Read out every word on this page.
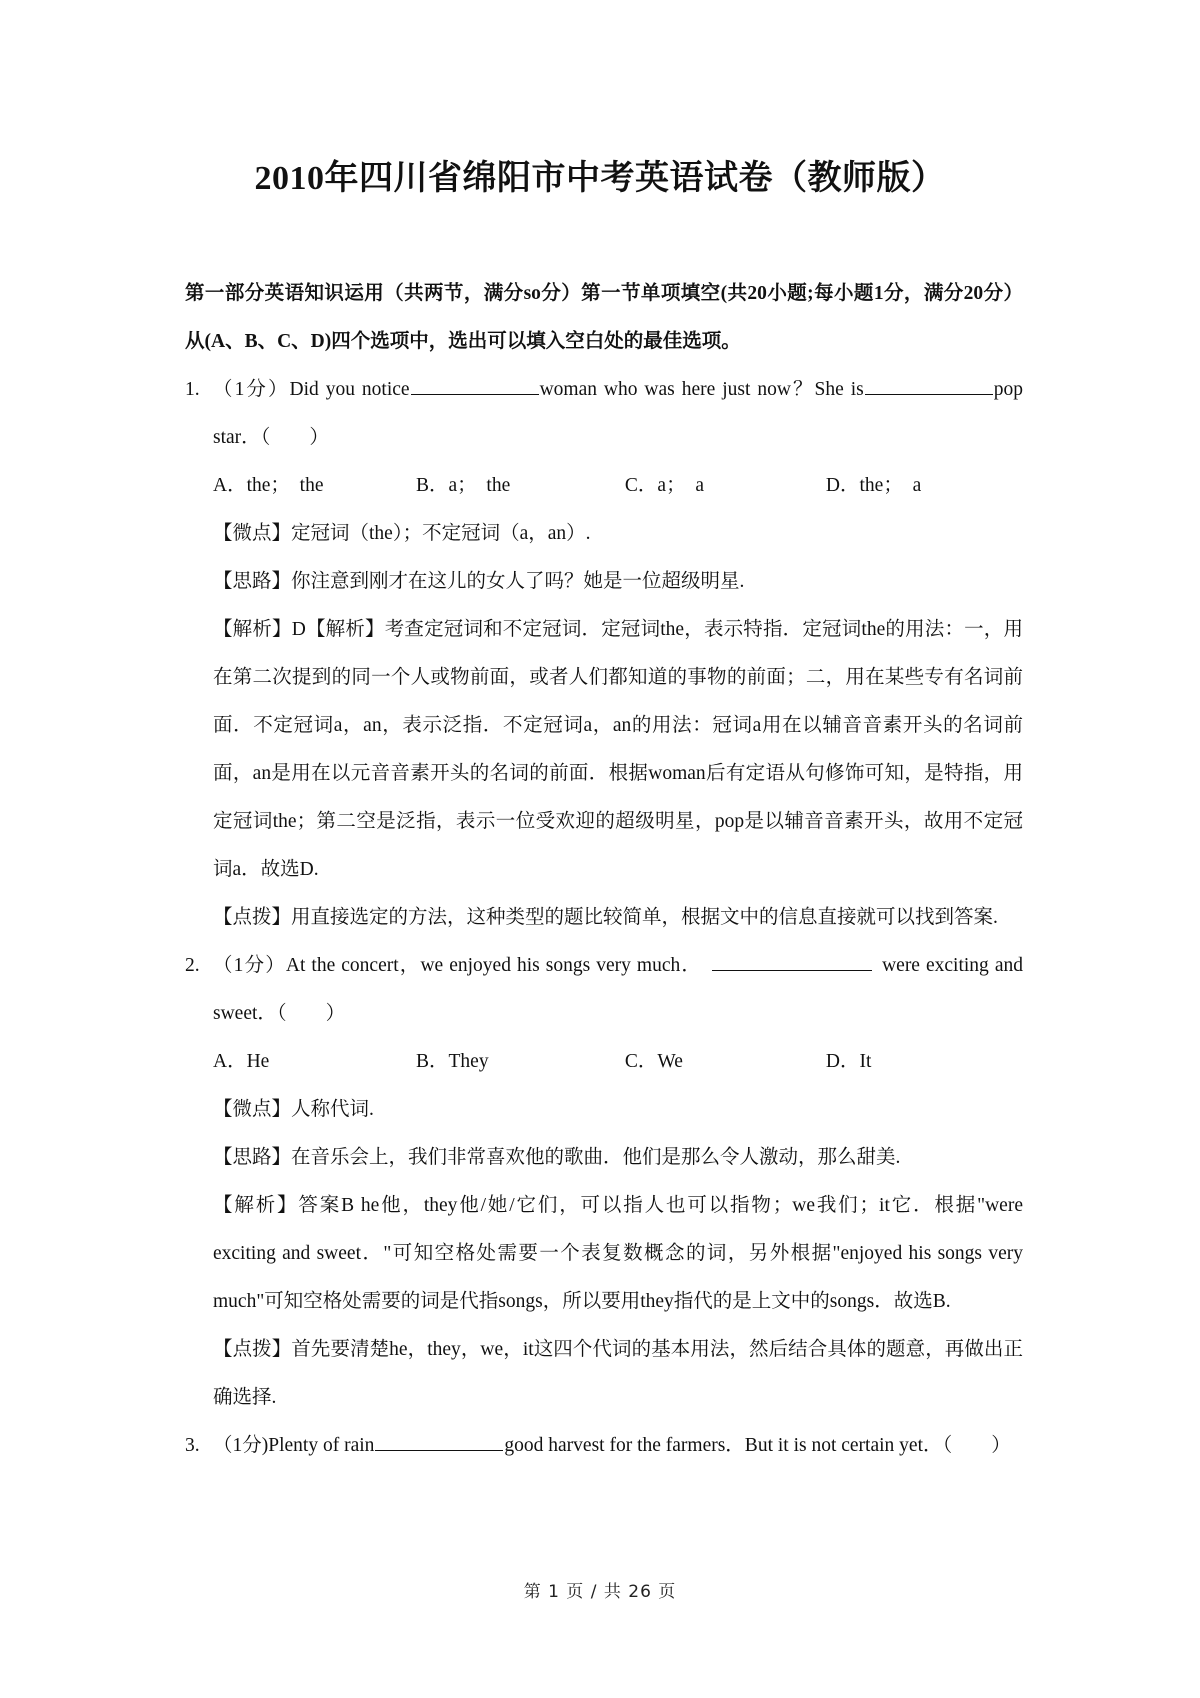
2010年四川省绵阳市中考英语试卷（教师版）
第一部分英语知识运用（共两节，满分so分）第一节单项填空(共20小题;每小题1分，满分20分）从(A、B、C、D)四个选项中，选出可以填入空白处的最佳选项。
1. （1分）Did you notice	woman who was here just now？She is	pop star．（　　）
A．the；　the	B．a；　the	C．a；　a	D．the；　a
【微点】定冠词（the）；不定冠词（a，an）.
【思路】你注意到刚才在这儿的女人了吗？她是一位超级明星.
【解析】D【解析】考查定冠词和不定冠词．定冠词the，表示特指．定冠词the的用法：一，用在第二次提到的同一个人或物前面，或者人们都知道的事物的前面；二，用在某些专有名词前面．不定冠词a，an，表示泛指．不定冠词a，an的用法：冠词a用在以辅音音素开头的名词前面，an是用在以元音音素开头的名词的前面．根据woman后有定语从句修饰可知，是特指，用定冠词the；第二空是泛指，表示一位受欢迎的超级明星，pop是以辅音音素开头，故用不定冠词a．故选D.
【点拨】用直接选定的方法，这种类型的题比较简单，根据文中的信息直接就可以找到答案.
2. （1分）At the concert，we enjoyed his songs very much．	were exciting and sweet．（　　）
A．He	B．They	C．We	D．It
【微点】人称代词.
【思路】在音乐会上，我们非常喜欢他的歌曲．他们是那么令人激动，那么甜美.
【解析】答案B he他，they他/她/它们，可以指人也可以指物；we我们；it它．根据"were exciting and sweet．"可知空格处需要一个表复数概念的词，另外根据"enjoyed his songs very much"可知空格处需要的词是代指songs，所以要用they指代的是上文中的songs．故选B.
【点拨】首先要清楚he，they，we，it这四个代词的基本用法，然后结合具体的题意，再做出正确选择.
3. （1分)Plenty of rain	good harvest for the farmers．But it is not certain yet．（　　）
第 1 页 / 共 26 页
